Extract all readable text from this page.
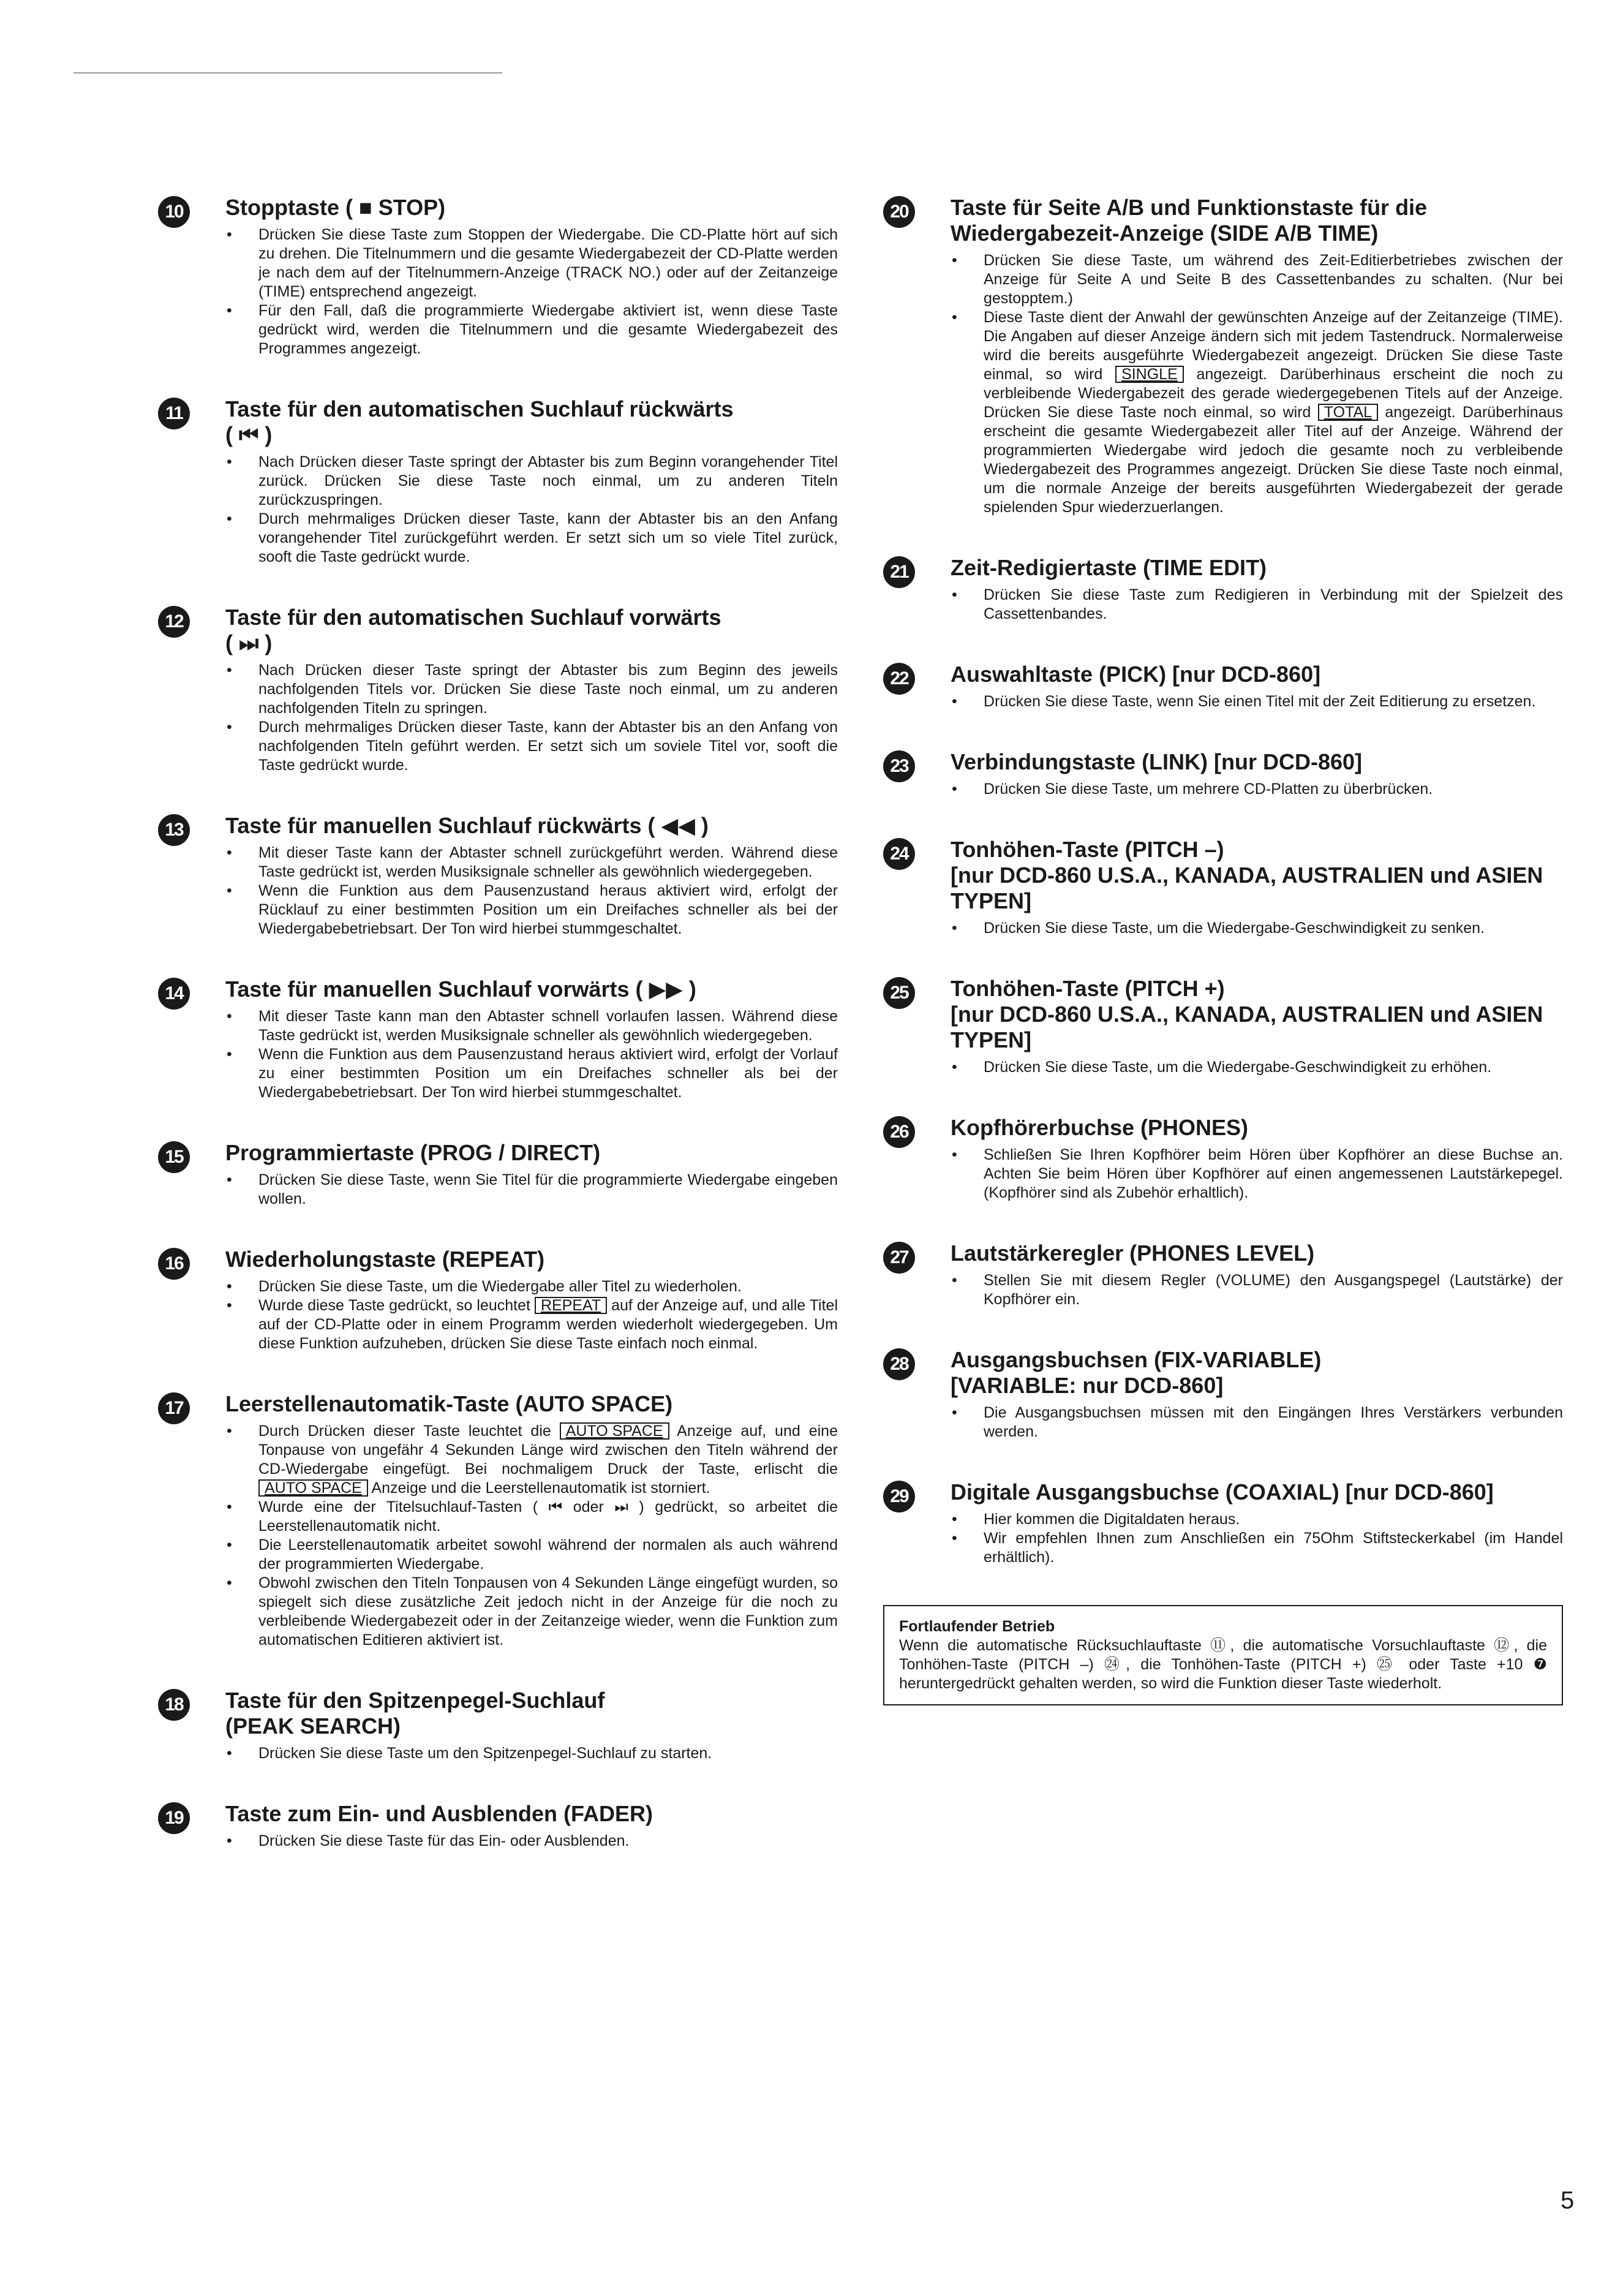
10	Stopptaste ( ■ STOP)
• Drücken Sie diese Taste zum Stoppen der Wiedergabe. Die CD-Platte hört auf sich zu drehen. Die Titelnummern und die gesamte Wiedergabezeit der CD-Platte werden je nach dem auf der Titelnummern-Anzeige (TRACK NO.) oder auf der Zeitanzeige (TIME) entsprechend angezeigt.
• Für den Fall, daß die programmierte Wiedergabe aktiviert ist, wenn diese Taste gedrückt wird, werden die Titelnummern und die gesamte Wiedergabezeit des Programmes angezeigt.
11	Taste für den automatischen Suchlauf rückwärts
( ⏮ )
• Nach Drücken dieser Taste springt der Abtaster bis zum Beginn vorangehender Titel zurück. Drücken Sie diese Taste noch einmal, um zu anderen Titeln zurückzuspringen.
• Durch mehrmaliges Drücken dieser Taste, kann der Abtaster bis an den Anfang vorangehender Titel zurückgeführt werden. Er setzt sich um so viele Titel zurück, sooft die Taste gedrückt wurde.
12	Taste für den automatischen Suchlauf vorwärts
( ⏭ )
• Nach Drücken dieser Taste springt der Abtaster bis zum Beginn des jeweils nachfolgenden Titels vor. Drücken Sie diese Taste noch einmal, um zu anderen nachfolgenden Titeln zu springen.
• Durch mehrmaliges Drücken dieser Taste, kann der Abtaster bis an den Anfang von nachfolgenden Titeln geführt werden. Er setzt sich um soviele Titel vor, sooft die Taste gedrückt wurde.
13	Taste für manuellen Suchlauf rückwärts ( ◀◀ )
• Mit dieser Taste kann der Abtaster schnell zurückgeführt werden. Während diese Taste gedrückt ist, werden Musiksignale schneller als gewöhnlich wiedergegeben.
• Wenn die Funktion aus dem Pausenzustand heraus aktiviert wird, erfolgt der Rücklauf zu einer bestimmten Position um ein Dreifaches schneller als bei der Wiedergabebetriebsart. Der Ton wird hierbei stummgeschaltet.
14	Taste für manuellen Suchlauf vorwärts ( ▶▶ )
• Mit dieser Taste kann man den Abtaster schnell vorlaufen lassen. Während diese Taste gedrückt ist, werden Musiksignale schneller als gewöhnlich wiedergegeben.
• Wenn die Funktion aus dem Pausenzustand heraus aktiviert wird, erfolgt der Vorlauf zu einer bestimmten Position um ein Dreifaches schneller als bei der Wiedergabebetriebsart. Der Ton wird hierbei stummgeschaltet.
15	Programmiertaste (PROG / DIRECT)
• Drücken Sie diese Taste, wenn Sie Titel für die programmierte Wiedergabe eingeben wollen.
16	Wiederholungstaste (REPEAT)
• Drücken Sie diese Taste, um die Wiedergabe aller Titel zu wiederholen.
• Wurde diese Taste gedrückt, so leuchtet REPEAT auf der Anzeige auf, und alle Titel auf der CD-Platte oder in einem Programm werden wiederholt wiedergegeben. Um diese Funktion aufzuheben, drücken Sie diese Taste einfach noch einmal.
17	Leerstellenautomatik-Taste (AUTO SPACE)
• Durch Drücken dieser Taste leuchtet die AUTO SPACE Anzeige auf, und eine Tonpause von ungefähr 4 Sekunden Länge wird zwischen den Titeln während der CD-Wiedergabe eingefügt. Bei nochmaligem Druck der Taste, erlischt die AUTO SPACE Anzeige und die Leerstellenautomatik ist storniert.
• Wurde eine der Titelsuchlauf-Tasten ( ⏮ oder ⏭ ) gedrückt, so arbeitet die Leerstellenautomatik nicht.
• Die Leerstellenautomatik arbeitet sowohl während der normalen als auch während der programmierten Wiedergabe.
• Obwohl zwischen den Titeln Tonpausen von 4 Sekunden Länge eingefügt wurden, so spiegelt sich diese zusätzliche Zeit jedoch nicht in der Anzeige für die noch zu verbleibende Wiedergabezeit oder in der Zeitanzeige wieder, wenn die Funktion zum automatischen Editieren aktiviert ist.
18	Taste für den Spitzenpegel-Suchlauf
(PEAK SEARCH)
• Drücken Sie diese Taste um den Spitzenpegel-Suchlauf zu starten.
19	Taste zum Ein- und Ausblenden (FADER)
• Drücken Sie diese Taste für das Ein- oder Ausblenden.
20	Taste für Seite A/B und Funktionstaste für die Wiedergabezeit-Anzeige (SIDE A/B TIME)
• Drücken Sie diese Taste, um während des Zeit-Editierbetriebes zwischen der Anzeige für Seite A und Seite B des Cassettenbandes zu schalten. (Nur bei gestopptem.)
• Diese Taste dient der Anwahl der gewünschten Anzeige auf der Zeitanzeige (TIME). Die Angaben auf dieser Anzeige ändern sich mit jedem Tastendruck. Normalerweise wird die bereits ausgeführte Wiedergabezeit angezeigt. Drücken Sie diese Taste einmal, so wird SINGLE angezeigt. Darüberhinaus erscheint die noch zu verbleibende Wiedergabezeit des gerade wiedergegebenen Titels auf der Anzeige. Drücken Sie diese Taste noch einmal, so wird TOTAL angezeigt. Darüberhinaus erscheint die gesamte Wiedergabezeit aller Titel auf der Anzeige. Während der programmierten Wiedergabe wird jedoch die gesamte noch zu verbleibende Wiedergabezeit des Programmes angezeigt. Drücken Sie diese Taste noch einmal, um die normale Anzeige der bereits ausgeführten Wiedergabezeit der gerade spielenden Spur wiederzuerlangen.
21	Zeit-Redigiertaste (TIME EDIT)
• Drücken Sie diese Taste zum Redigieren in Verbindung mit der Spielzeit des Cassettenbandes.
22	Auswahltaste (PICK) [nur DCD-860]
• Drücken Sie diese Taste, wenn Sie einen Titel mit der Zeit Editierung zu ersetzen.
23	Verbindungstaste (LINK) [nur DCD-860]
• Drücken Sie diese Taste, um mehrere CD-Platten zu überbrücken.
24	Tonhöhen-Taste (PITCH –)
[nur DCD-860 U.S.A., KANADA, AUSTRALIEN und ASIEN TYPEN]
• Drücken Sie diese Taste, um die Wiedergabe-Geschwindigkeit zu senken.
25	Tonhöhen-Taste (PITCH +)
[nur DCD-860 U.S.A., KANADA, AUSTRALIEN und ASIEN TYPEN]
• Drücken Sie diese Taste, um die Wiedergabe-Geschwindigkeit zu erhöhen.
26	Kopfhörerbuchse (PHONES)
• Schließen Sie Ihren Kopfhörer beim Hören über Kopfhörer an diese Buchse an. Achten Sie beim Hören über Kopfhörer auf einen angemessenen Lautstärkepegel. (Kopfhörer sind als Zubehör erhaltlich).
27	Lautstärkeregler (PHONES LEVEL)
• Stellen Sie mit diesem Regler (VOLUME) den Ausgangspegel (Lautstärke) der Kopfhörer ein.
28	Ausgangsbuchsen (FIX-VARIABLE)
[VARIABLE: nur DCD-860]
• Die Ausgangsbuchsen müssen mit den Eingängen Ihres Verstärkers verbunden werden.
29	Digitale Ausgangsbuchse (COAXIAL) [nur DCD-860]
• Hier kommen die Digitaldaten heraus.
• Wir empfehlen Ihnen zum Anschließen ein 75Ohm Stiftsteckerkabel (im Handel erhältlich).
Fortlaufender Betrieb
Wenn die automatische Rücksuchlauftaste ⑪, die automatische Vorsuchlauftaste ⑫, die Tonhöhen-Taste (PITCH –) ㉔, die Tonhöhen-Taste (PITCH +) ㉕ oder Taste +10 ❼ heruntergedrückt gehalten werden, so wird die Funktion dieser Taste wiederholt.
5
